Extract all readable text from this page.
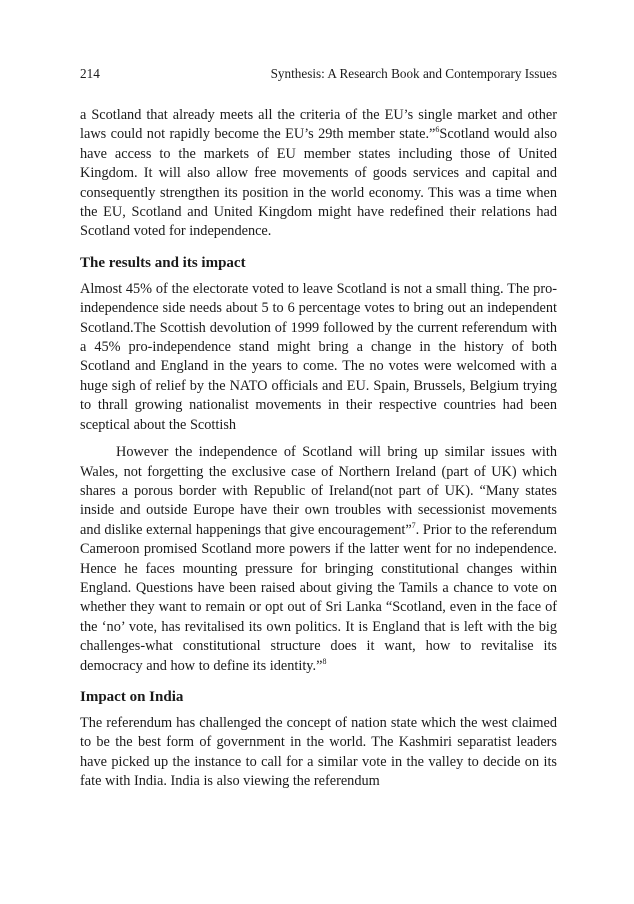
214	Synthesis: A Research Book and Contemporary Issues

a Scotland that already meets all the criteria of the EU’s single market and other laws could not rapidly become the EU’s 29th member state.”$^6$Scotland would also have access to the markets of EU member states including those of United Kingdom. It will also allow free movements of goods services and capital and consequently strengthen its position in the world economy. This was a time when the EU, Scotland and United Kingdom might have redefined their relations had Scotland voted for independence.

The results and its impact

Almost 45% of the electorate voted to leave Scotland is not a small thing. The pro-independence side needs about 5 to 6 percentage votes to bring out an independent Scotland.The Scottish devolution of 1999 followed by the current referendum with a 45% pro-independence stand might bring a change in the history of both Scotland and England in the years to come. The no votes were welcomed with a huge sigh of relief by the NATO officials and EU. Spain, Brussels, Belgium trying to thrall growing nationalist movements in their respective countries had been sceptical about the Scottish

However the independence of Scotland will bring up similar issues with Wales, not forgetting the exclusive case of Northern Ireland (part of UK) which shares a porous border with Republic of Ireland(not part of UK). “Many states inside and outside Europe have their own troubles with secessionist movements and dislike external happenings that give encouragement”$^7$. Prior to the referendum Cameroon promised Scotland more powers if the latter went for no independence. Hence he faces mounting pressure for bringing constitutional changes within England. Questions have been raised about giving the Tamils a chance to vote on whether they want to remain or opt out of Sri Lanka “Scotland, even in the face of the ‘no’ vote, has revitalised its own politics. It is England that is left with the big challenges-what constitutional structure does it want, how to revitalise its democracy and how to define its identity.”$^8$

Impact on India

The referendum has challenged the concept of nation state which the west claimed to be the best form of government in the world. The Kashmiri separatist leaders have picked up the instance to call for a similar vote in the valley to decide on its fate with India. India is also viewing the referendum
